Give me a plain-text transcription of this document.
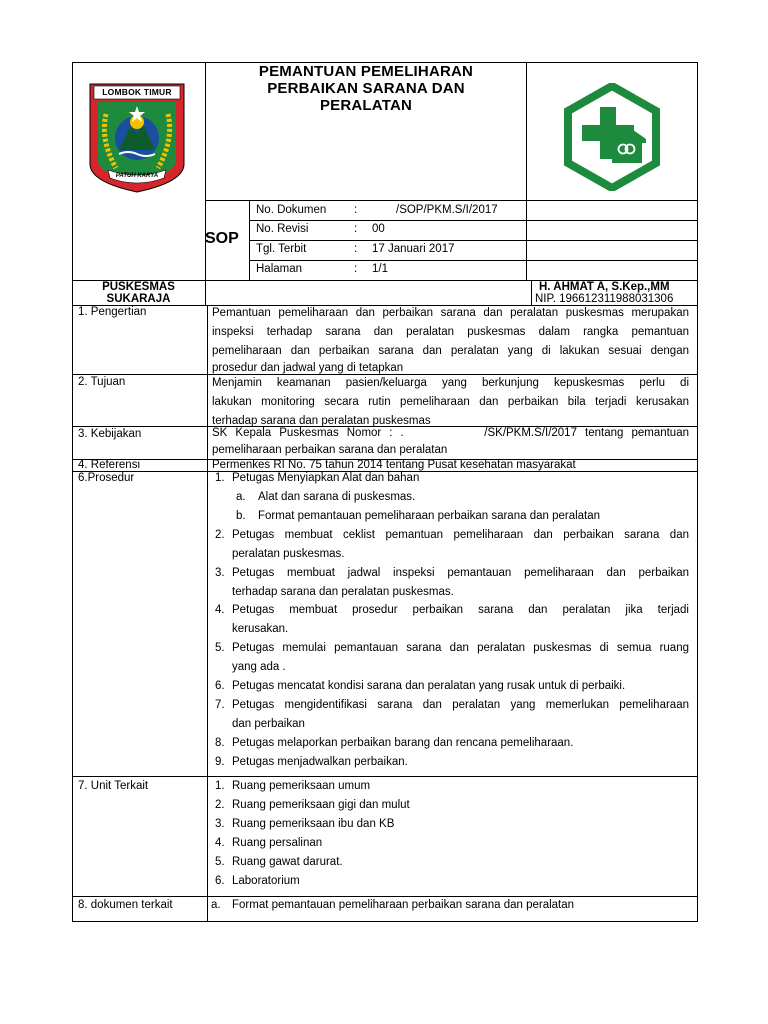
LOMBOK TIMUR
PATUH KARYA
PEMANTUAN PEMELIHARAN
PERBAIKAN SARANA DAN
PERALATAN
SOP
No. Dokumen :	/SOP/PKM.S/I/2017
No. Revisi	: 00
Tgl. Terbit	: 17 Januari 2017
Halaman	: 1/1
PUSKESMAS
SUKARAJA
H. AHMAT A, S.Kep.,MM
NIP. 196612311988031306
1. Pengertian	Pemantuan pemeliharaan dan perbaikan sarana dan peralatan puskesmas merupakan
inspeksi terhadap sarana dan peralatan puskesmas dalam rangka pemantuan
pemeliharaan dan perbaikan sarana dan peralatan yang di lakukan sesuai dengan
prosedur dan jadwal yang di tetapkan
2. Tujuan	Menjamin keamanan pasien/keluarga yang berkunjung kepuskesmas perlu di
lakukan monitoring secara rutin pemeliharaan dan perbaikan bila terjadi kerusakan
terhadap sarana dan peralatan puskesmas
3. Kebijakan	SK Kepala Puskesmas Nomor : .          /SK/PKM.S/I/2017 tentang pemantuan
pemeliharaan perbaikan sarana dan peralatan
4. Referensi	Permenkes RI No. 75 tahun 2014 tentang Pusat kesehatan masyarakat
6.Prosedur	1. Petugas Menyiapkan Alat dan bahan
a. Alat dan sarana di puskesmas.
b. Format pemantauan pemeliharaan perbaikan sarana dan peralatan
2. Petugas membuat ceklist pemantuan pemeliharaan dan perbaikan sarana dan
peralatan puskesmas.
3. Petugas membuat jadwal inspeksi pemantauan pemeliharaan dan perbaikan
terhadap sarana dan peralatan puskesmas.
4. Petugas membuat prosedur perbaikan sarana dan peralatan jika terjadi
kerusakan.
5. Petugas memulai pemantauan sarana dan peralatan puskesmas di semua ruang
yang ada .
6. Petugas mencatat kondisi sarana dan peralatan yang rusak untuk di perbaiki.
7. Petugas mengidentifikasi sarana dan peralatan yang memerlukan pemeliharaan
dan perbaikan
8. Petugas melaporkan perbaikan barang dan rencana pemeliharaan.
9. Petugas menjadwalkan perbaikan.
7. Unit Terkait	1. Ruang pemeriksaan umum
2. Ruang pemeriksaan gigi dan mulut
3. Ruang pemeriksaan ibu dan KB
4. Ruang persalinan
5. Ruang gawat darurat.
6. Laboratorium
8. dokumen terkait	a. Format pemantauan pemeliharaan perbaikan sarana dan peralatan
